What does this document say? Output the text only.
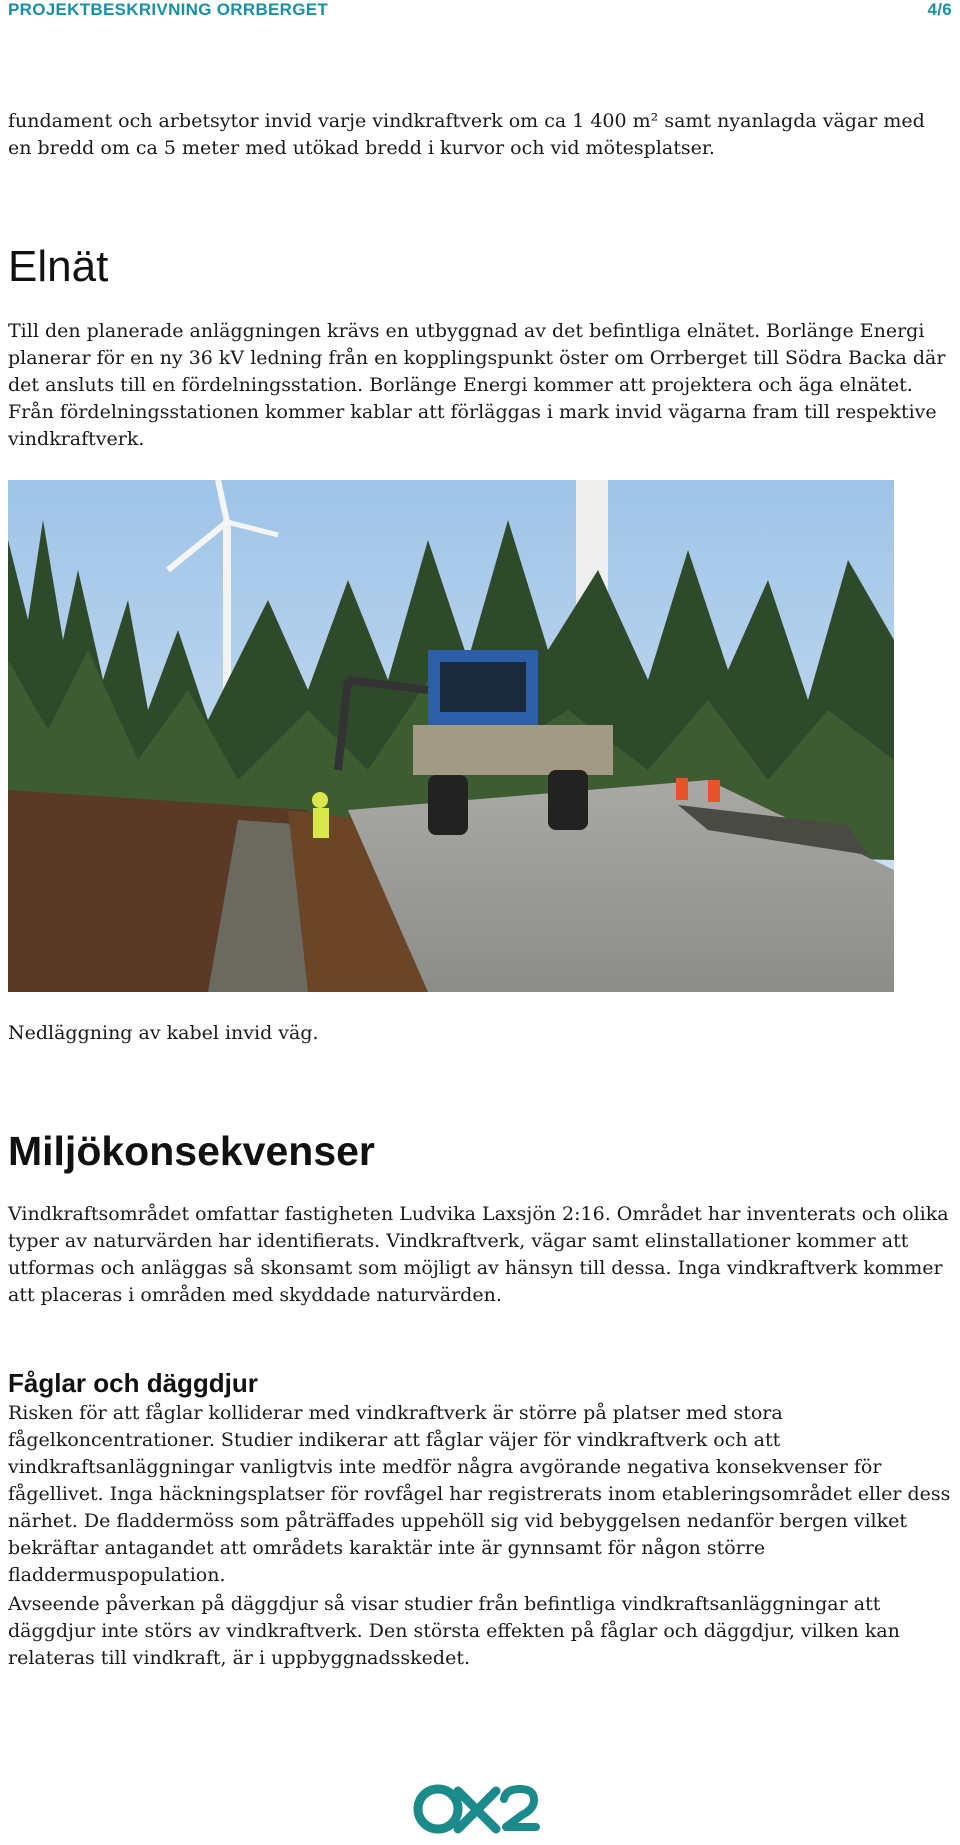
PROJEKTBESKRIVNING ORRBERGET	4/6

fundament och arbetsytor invid varje vindkraftverk om ca 1 400 m² samt nyanlagda vägar med en bredd om ca 5 meter med utökad bredd i kurvor och vid mötesplatser.

Elnät

Till den planerade anläggningen krävs en utbyggnad av det befintliga elnätet. Borlänge Energi planerar för en ny 36 kV ledning från en kopplingspunkt öster om Orrberget till Södra Backa där det ansluts till en fördelningsstation. Borlänge Energi kommer att projektera och äga elnätet. Från fördelningsstationen kommer kablar att förläggas i mark invid vägarna fram till respektive vindkraftverk.

Nedläggning av kabel invid väg.

Miljökonsekvenser

Vindkraftsområdet omfattar fastigheten Ludvika Laxsjön 2:16. Området har inventerats och olika typer av naturvärden har identifierats. Vindkraftverk, vägar samt elinstallationer kommer att utformas och anläggas så skonsamt som möjligt av hänsyn till dessa. Inga vindkraftverk kommer att placeras i områden med skyddade naturvärden.

Fåglar och däggdjur

Risken för att fåglar kolliderar med vindkraftverk är större på platser med stora fågelkoncentrationer. Studier indikerar att fåglar väjer för vindkraftverk och att vindkraftsanläggningar vanligtvis inte medför några avgörande negativa konsekvenser för fågellivet. Inga häckningsplatser för rovfågel har registrerats inom etableringsområdet eller dess närhet. De fladdermöss som påträffades uppehöll sig vid bebyggelsen nedanför bergen vilket bekräftar antagandet att områdets karaktär inte är gynnsamt för någon större fladdermuspopulation.

Avseende påverkan på däggdjur så visar studier från befintliga vindkraftsanläggningar att däggdjur inte störs av vindkraftverk. Den största effekten på fåglar och däggdjur, vilken kan relateras till vindkraft, är i uppbyggnadsskedet.
